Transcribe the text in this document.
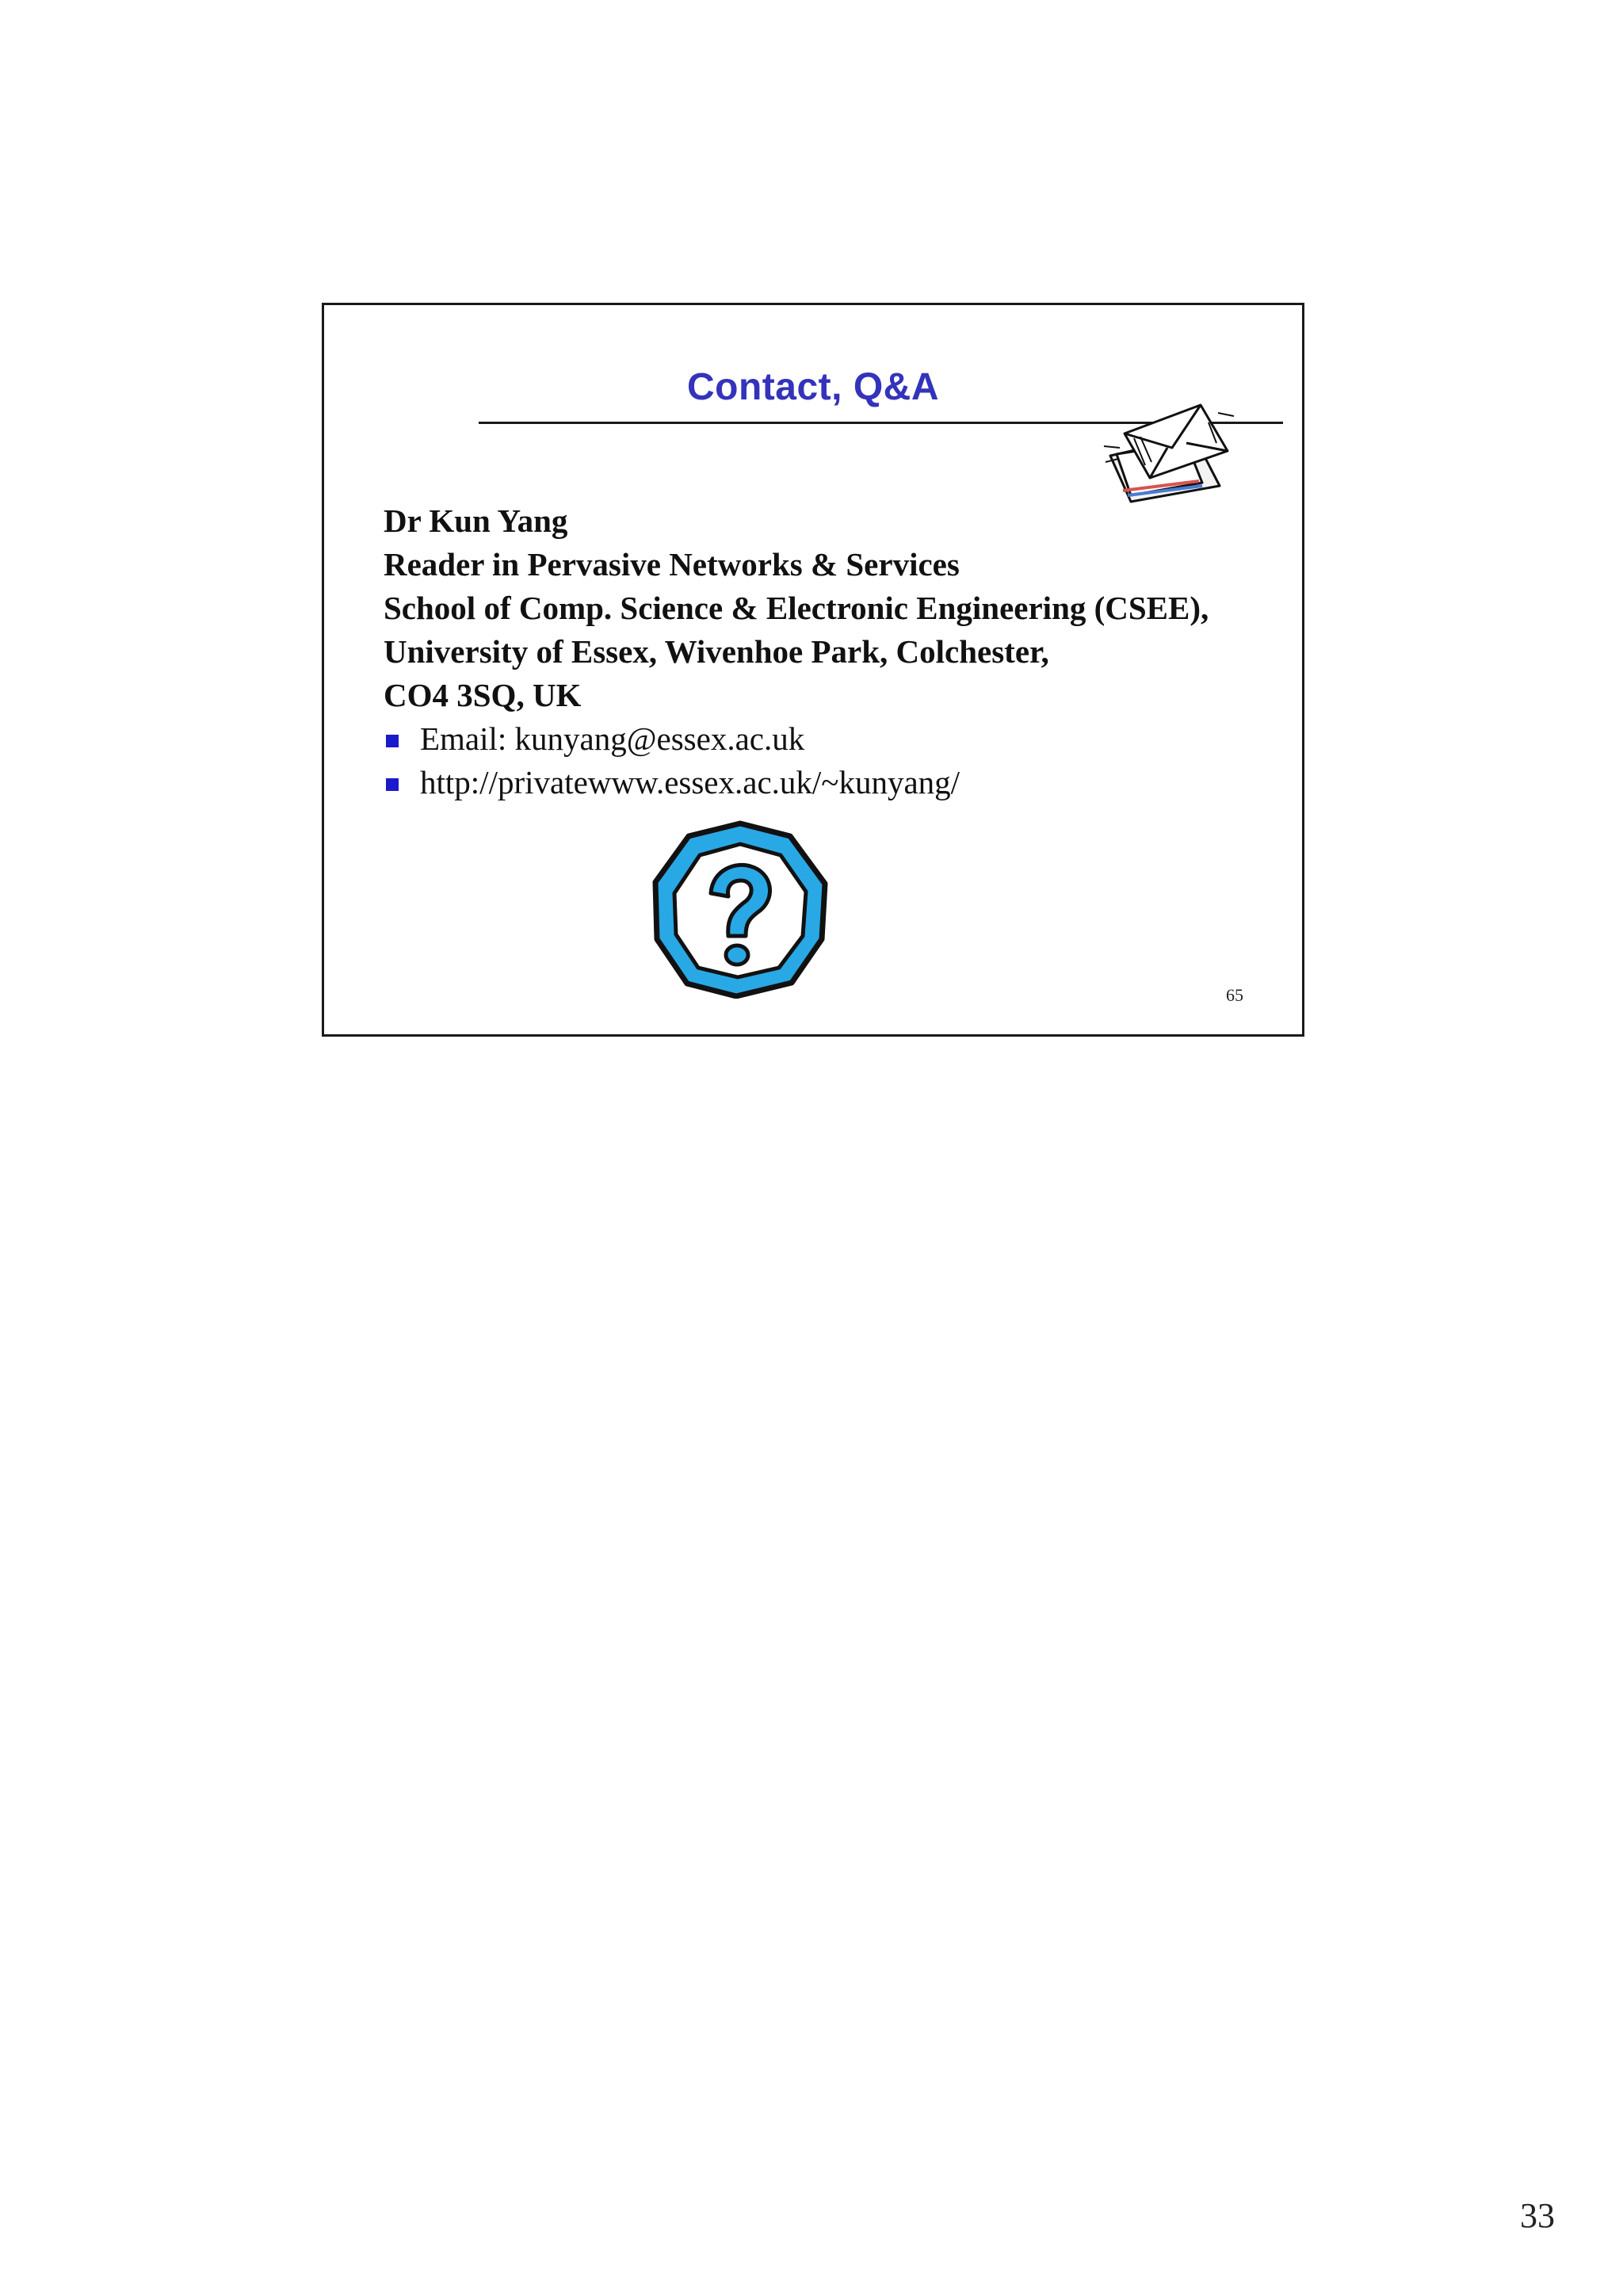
Contact, Q&A
Dr Kun Yang
Reader in Pervasive Networks & Services
School of Comp. Science & Electronic Engineering (CSEE),
University of Essex, Wivenhoe Park, Colchester,
CO4 3SQ, UK
Email: kunyang@essex.ac.uk
http://privatewww.essex.ac.uk/~kunyang/
65
33
